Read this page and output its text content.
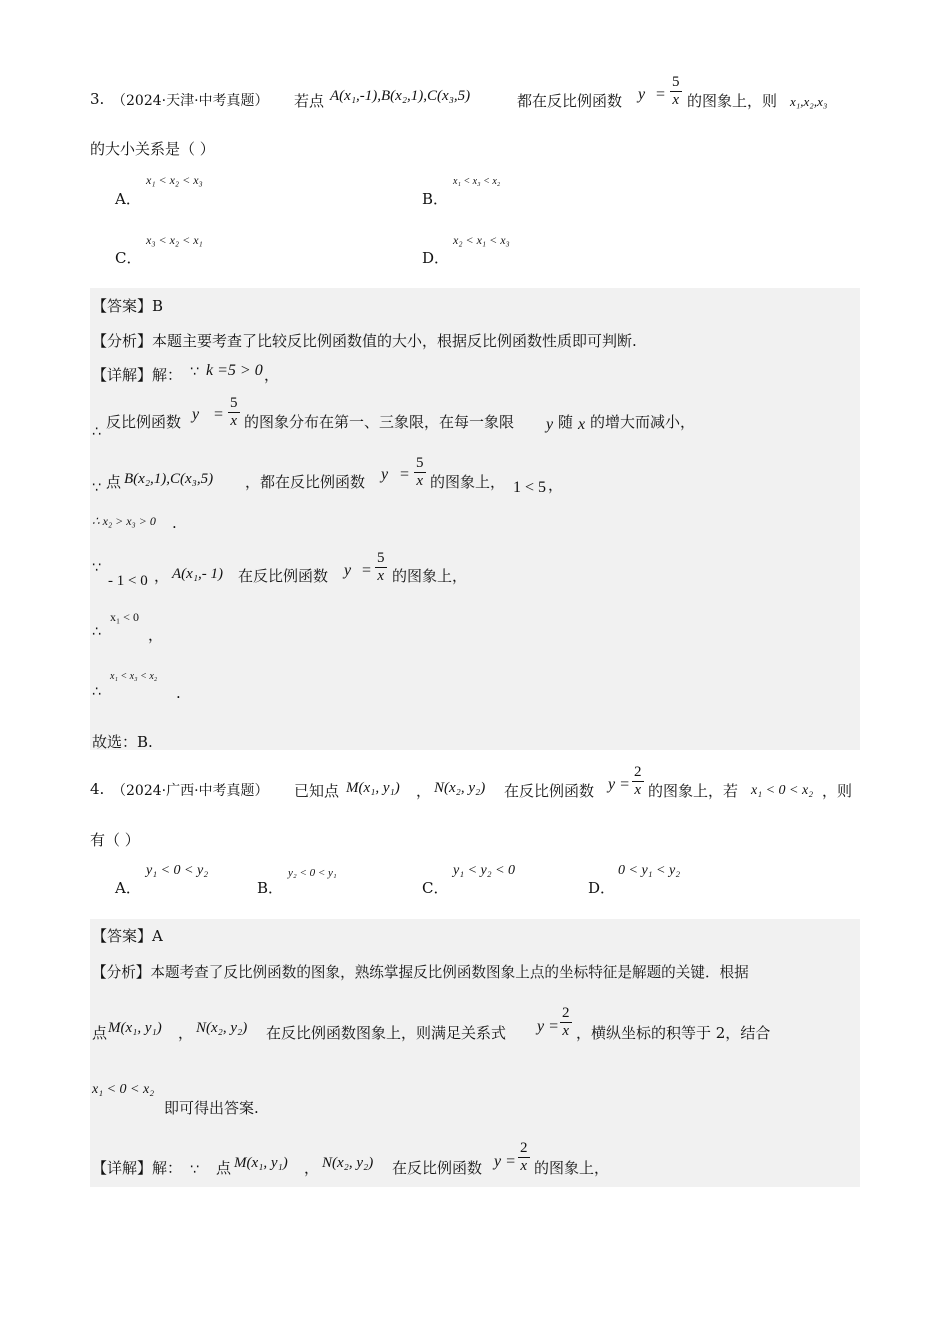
3. （2024·天津·中考真题） 若点 A(x₁,-1),B(x₂,1),C(x₃,5)	都在反比例函数 $y = \frac{5}{x}$ 的图象上，则 x₁,x₂,x₃
的大小关系是（ ）
A．
x₁ < x₂ < x₃
B．
x₁ < x₃ < x₂
C．
x₃ < x₂ < x₁
D．
x₂ < x₁ < x₃
【答案】B
【分析】本题主要考查了比较反比例函数值的大小，根据反比例函数性质即可判断.
【详解】解： ∵ k =5 > 0 ，
∴
反比例函数 $y = \frac{5}{x}$ 的图象分布在第一、三象限，在每一象限 y 随 x 的增大而减小，
∵ 点 B(x₂,1),C(x₃,5) ，都在反比例函数 $y = \frac{5}{x}$ 的图象上， 1 < 5 ，
∴ x₂ > x₃ > 0 .
∵
- 1 < 0 ， A(x₁,- 1) 在反比例函数 $y = \frac{5}{x}$ 的图象上，
∴
x₁ < 0
，
∴
x₁ < x₃ < x₂
.
故选：B.
4. （2024·广西·中考真题） 已知点 M(x₁, y₁) ， N(x₂, y₂) 在反比例函数 $y = \frac{2}{x}$ 的图象上，若 x₁ < 0 < x₂ ，则
有（ ）
A．
y₁ < 0 < y₂
B．
y₂ < 0 < y₁
C．
y₁ < y₂ < 0
D．
0 < y₁ < y₂
【答案】A
【分析】本题考查了反比例函数的图象，熟练掌握反比例函数图象上点的坐标特征是解题的关键．根据
点 M(x₁, y₁) ， N(x₂, y₂) 在反比例函数图象上，则满足关系式 $y = \frac{2}{x}$ ，横纵坐标的积等于 2，结合
x₁ < 0 < x₂
即可得出答案.
【详解】解： ∵ 点 M(x₁, y₁) ， N(x₂, y₂) 在反比例函数 $y = \frac{2}{x}$ 的图象上，
